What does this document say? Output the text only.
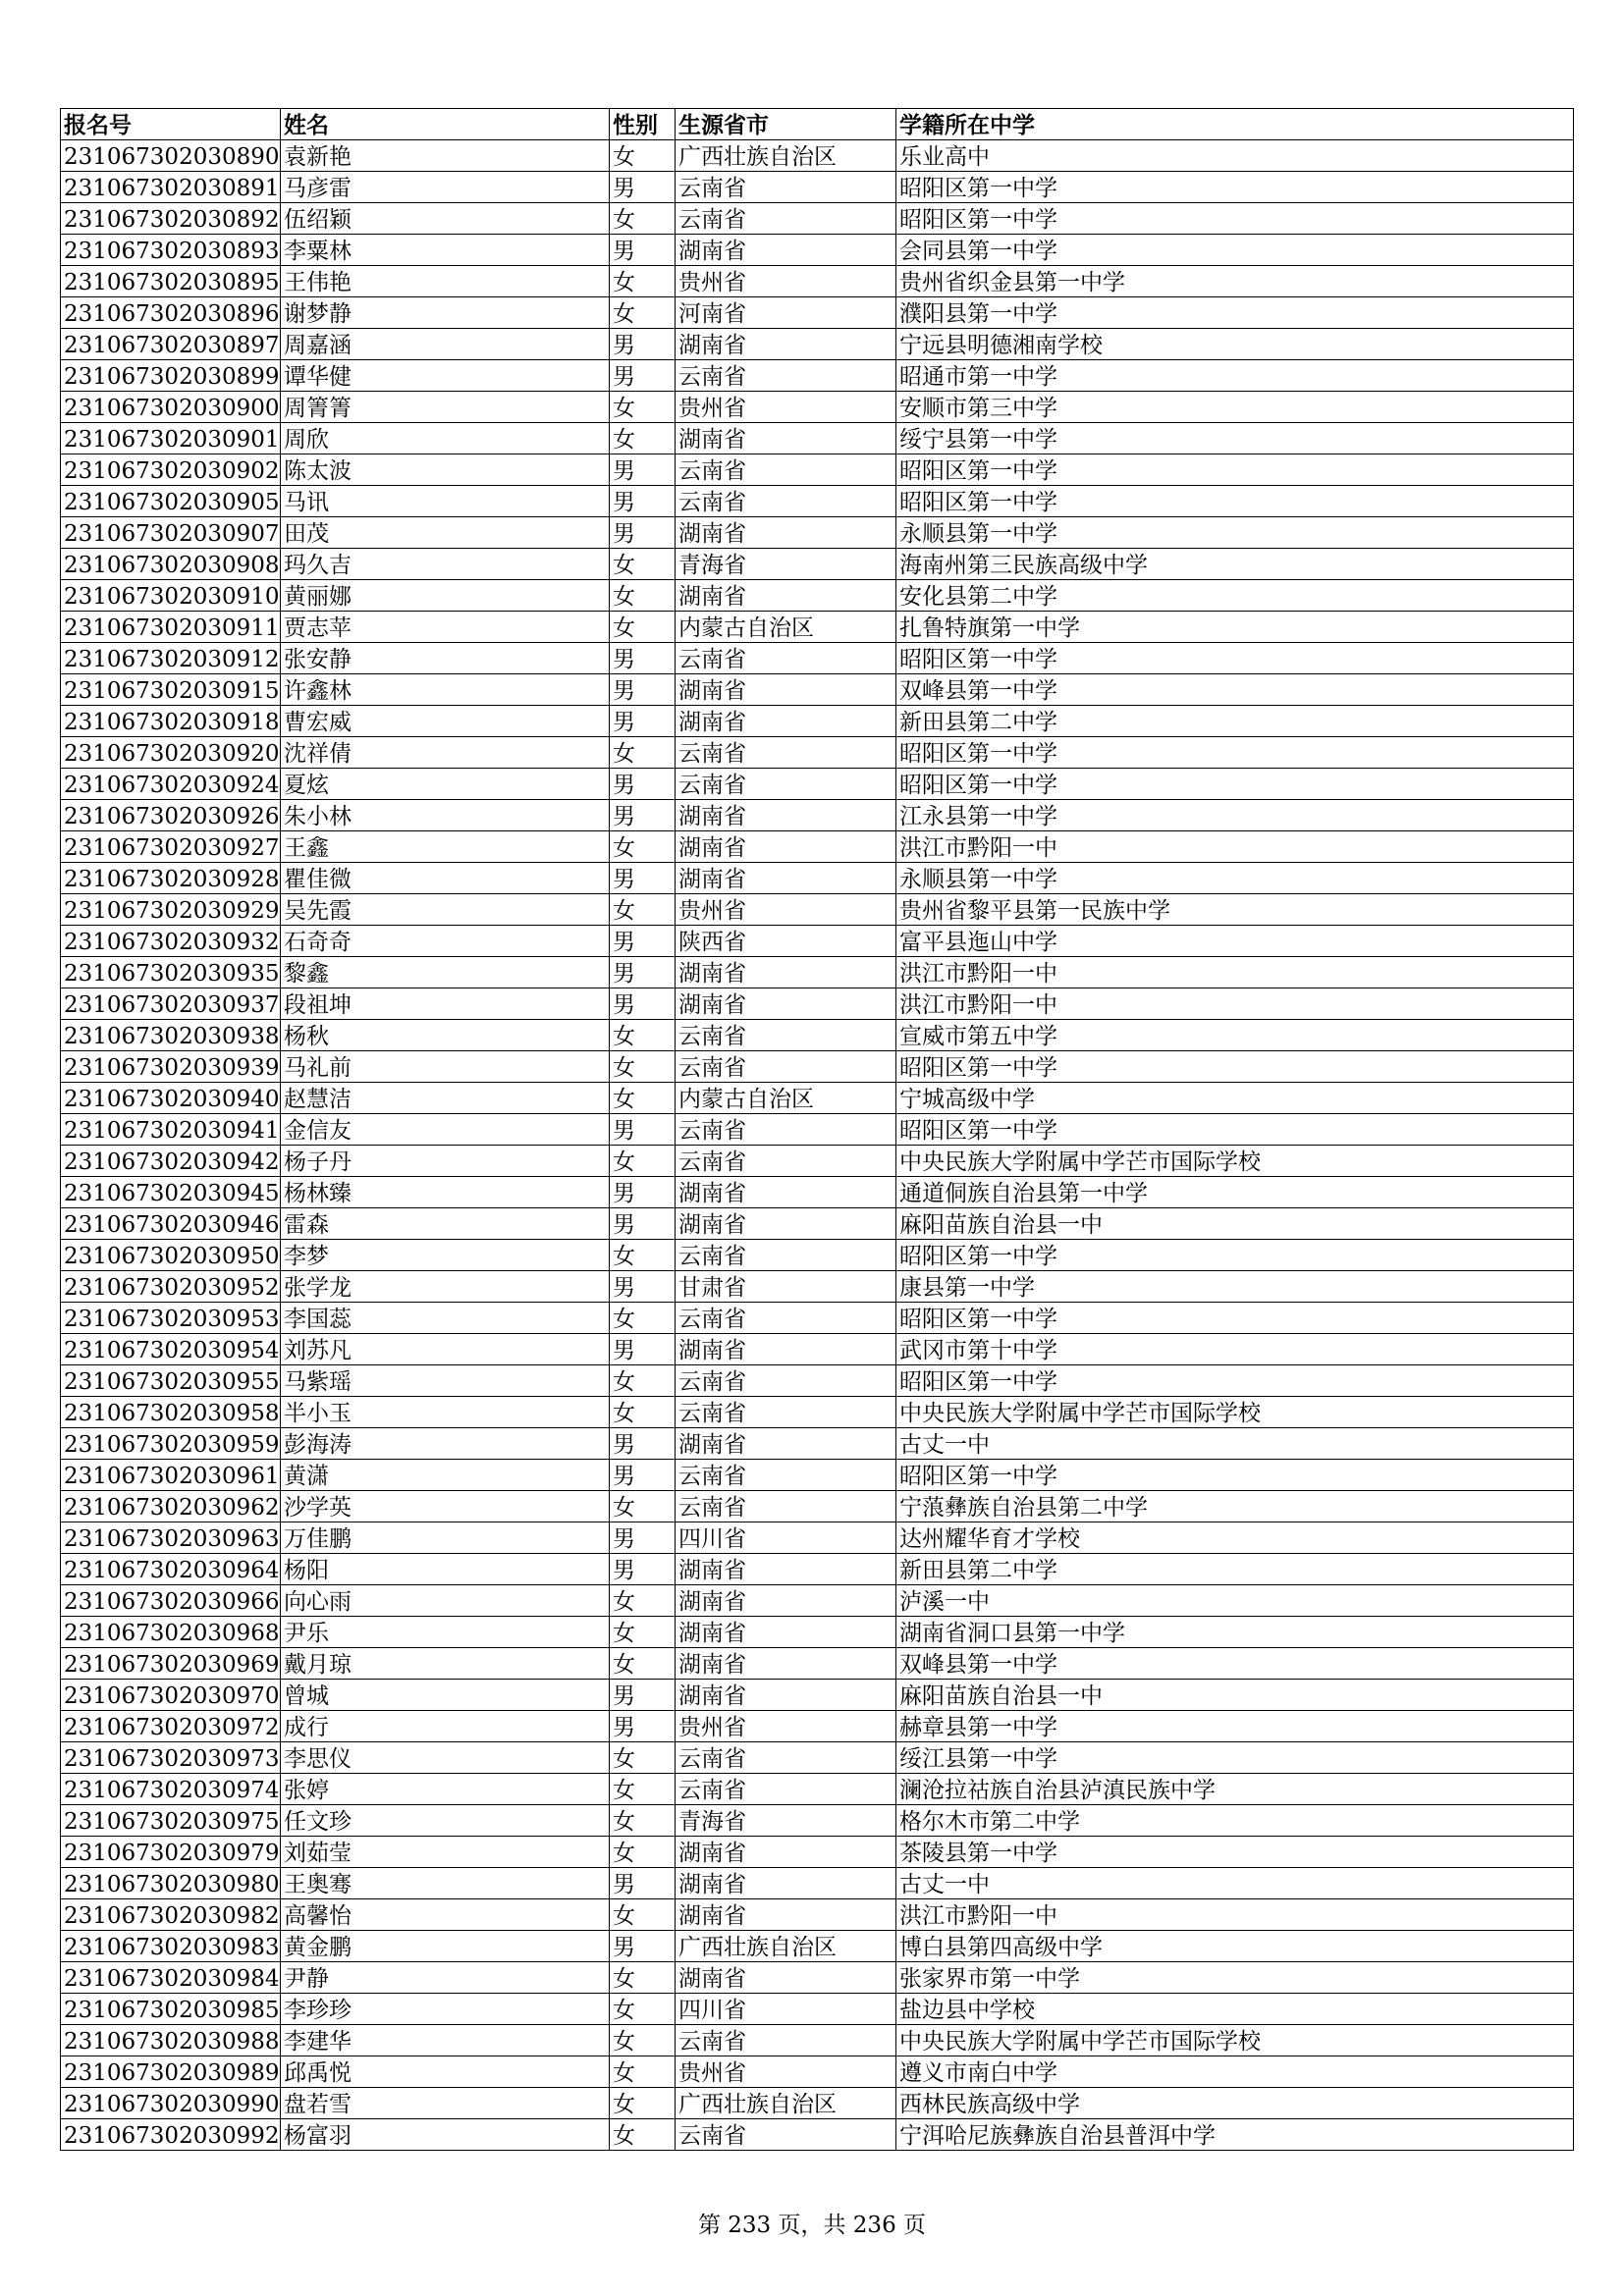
报名号	姓名	性别	生源省市	学籍所在中学
231067302030890	袁新艳	女	广西壮族自治区	乐业高中
231067302030891	马彦雷	男	云南省	昭阳区第一中学
231067302030892	伍绍颖	女	云南省	昭阳区第一中学
231067302030893	李粟林	男	湖南省	会同县第一中学
231067302030895	王伟艳	女	贵州省	贵州省织金县第一中学
231067302030896	谢梦静	女	河南省	濮阳县第一中学
231067302030897	周嘉涵	男	湖南省	宁远县明德湘南学校
231067302030899	谭华健	男	云南省	昭通市第一中学
231067302030900	周箐箐	女	贵州省	安顺市第三中学
231067302030901	周欣	女	湖南省	绥宁县第一中学
231067302030902	陈太波	男	云南省	昭阳区第一中学
231067302030905	马讯	男	云南省	昭阳区第一中学
231067302030907	田茂	男	湖南省	永顺县第一中学
231067302030908	玛久吉	女	青海省	海南州第三民族高级中学
231067302030910	黄丽娜	女	湖南省	安化县第二中学
231067302030911	贾志苹	女	内蒙古自治区	扎鲁特旗第一中学
231067302030912	张安静	男	云南省	昭阳区第一中学
231067302030915	许鑫林	男	湖南省	双峰县第一中学
231067302030918	曹宏威	男	湖南省	新田县第二中学
231067302030920	沈祥倩	女	云南省	昭阳区第一中学
231067302030924	夏炫	男	云南省	昭阳区第一中学
231067302030926	朱小林	男	湖南省	江永县第一中学
231067302030927	王鑫	女	湖南省	洪江市黔阳一中
231067302030928	瞿佳微	男	湖南省	永顺县第一中学
231067302030929	吴先霞	女	贵州省	贵州省黎平县第一民族中学
231067302030932	石奇奇	男	陕西省	富平县迤山中学
231067302030935	黎鑫	男	湖南省	洪江市黔阳一中
231067302030937	段祖坤	男	湖南省	洪江市黔阳一中
231067302030938	杨秋	女	云南省	宣威市第五中学
231067302030939	马礼前	女	云南省	昭阳区第一中学
231067302030940	赵慧洁	女	内蒙古自治区	宁城高级中学
231067302030941	金信友	男	云南省	昭阳区第一中学
231067302030942	杨子丹	女	云南省	中央民族大学附属中学芒市国际学校
231067302030945	杨林臻	男	湖南省	通道侗族自治县第一中学
231067302030946	雷森	男	湖南省	麻阳苗族自治县一中
231067302030950	李梦	女	云南省	昭阳区第一中学
231067302030952	张学龙	男	甘肃省	康县第一中学
231067302030953	李国蕊	女	云南省	昭阳区第一中学
231067302030954	刘苏凡	男	湖南省	武冈市第十中学
231067302030955	马紫瑶	女	云南省	昭阳区第一中学
231067302030958	半小玉	女	云南省	中央民族大学附属中学芒市国际学校
231067302030959	彭海涛	男	湖南省	古丈一中
231067302030961	黄潇	男	云南省	昭阳区第一中学
231067302030962	沙学英	女	云南省	宁蒗彝族自治县第二中学
231067302030963	万佳鹏	男	四川省	达州耀华育才学校
231067302030964	杨阳	男	湖南省	新田县第二中学
231067302030966	向心雨	女	湖南省	泸溪一中
231067302030968	尹乐	女	湖南省	湖南省洞口县第一中学
231067302030969	戴月琼	女	湖南省	双峰县第一中学
231067302030970	曾城	男	湖南省	麻阳苗族自治县一中
231067302030972	成行	男	贵州省	赫章县第一中学
231067302030973	李思仪	女	云南省	绥江县第一中学
231067302030974	张婷	女	云南省	澜沧拉祜族自治县泸滇民族中学
231067302030975	任文珍	女	青海省	格尔木市第二中学
231067302030979	刘茹莹	女	湖南省	茶陵县第一中学
231067302030980	王奥骞	男	湖南省	古丈一中
231067302030982	高馨怡	女	湖南省	洪江市黔阳一中
231067302030983	黄金鹏	男	广西壮族自治区	博白县第四高级中学
231067302030984	尹静	女	湖南省	张家界市第一中学
231067302030985	李珍珍	女	四川省	盐边县中学校
231067302030988	李建华	女	云南省	中央民族大学附属中学芒市国际学校
231067302030989	邱禹悦	女	贵州省	遵义市南白中学
231067302030990	盘若雪	女	广西壮族自治区	西林民族高级中学
231067302030992	杨富羽	女	云南省	宁洱哈尼族彝族自治县普洱中学
第 233 页，共 236 页
